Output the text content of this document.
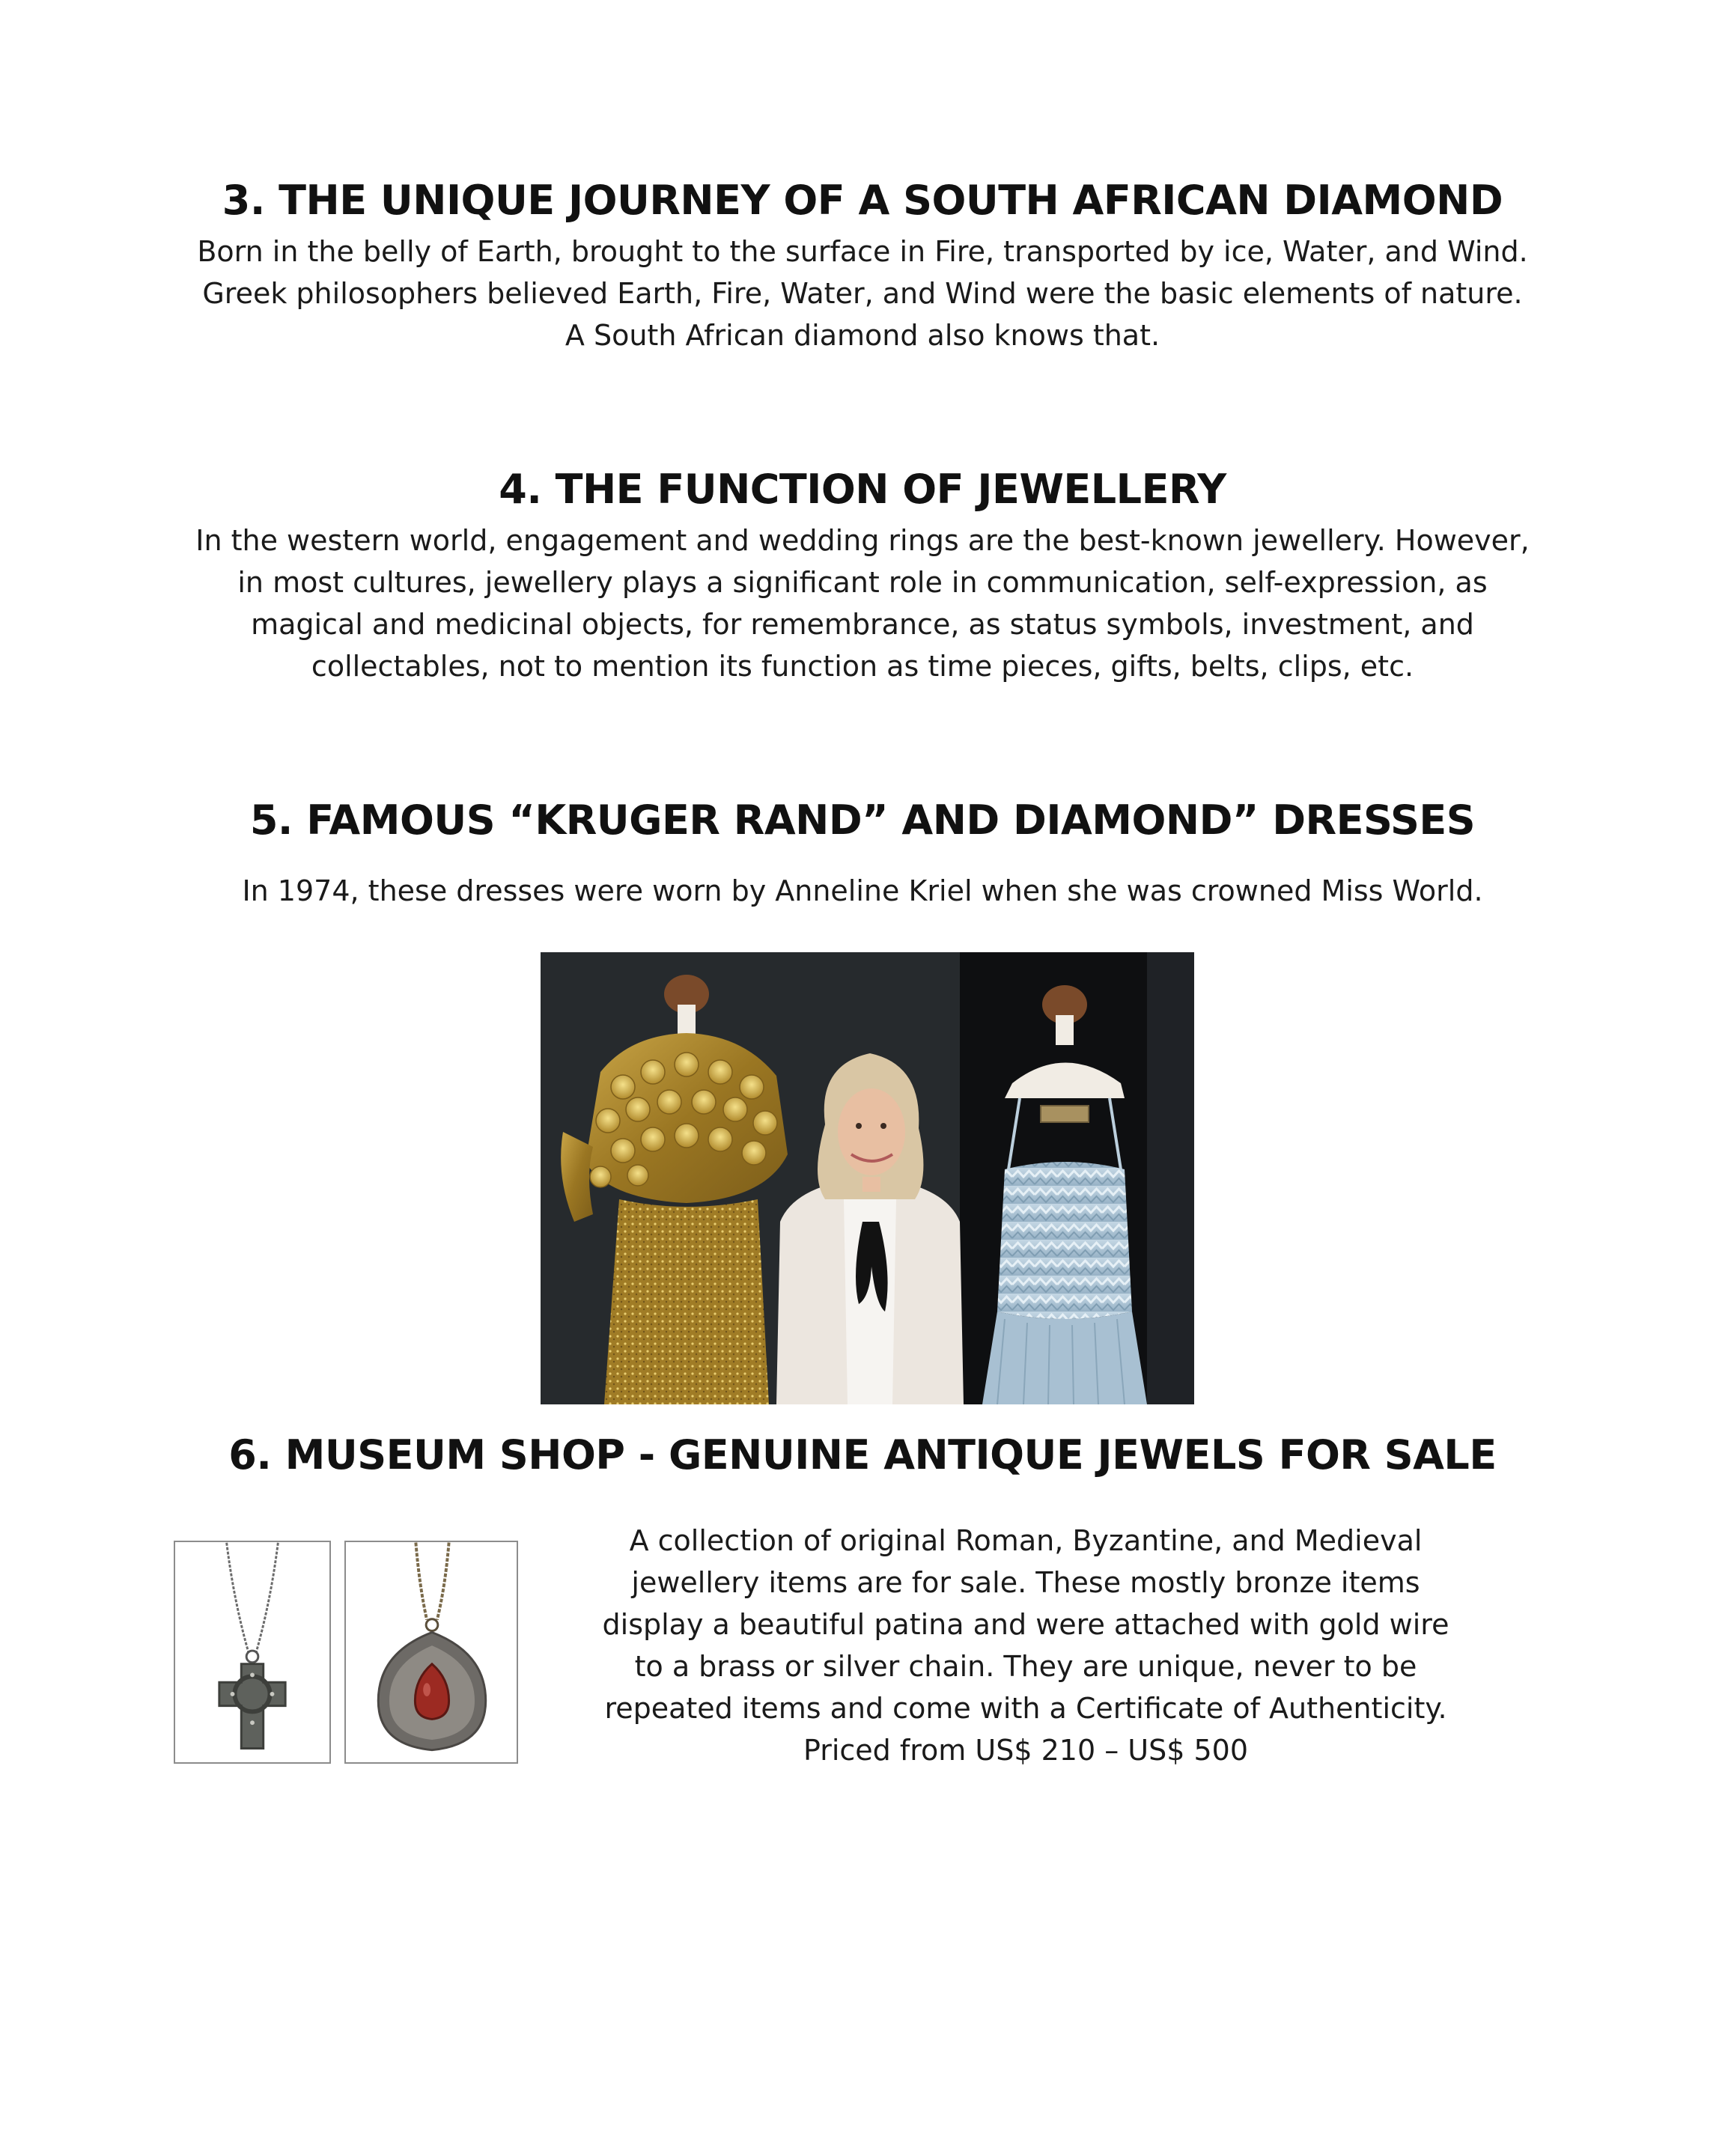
3. THE UNIQUE JOURNEY OF A SOUTH AFRICAN DIAMOND

Born in the belly of Earth, brought to the surface in Fire, transported by ice, Water, and Wind.
Greek philosophers believed Earth, Fire, Water, and Wind were the basic elements of nature.
A South African diamond also knows that.

4. THE FUNCTION OF JEWELLERY

In the western world, engagement and wedding rings are the best-known jewellery. However,
in most cultures, jewellery plays a significant role in communication, self-expression, as
magical and medicinal objects, for remembrance, as status symbols, investment, and
collectables, not to mention its function as time pieces, gifts, belts, clips, etc.

5. FAMOUS “KRUGER RAND” AND DIAMOND” DRESSES

In 1974, these dresses were worn by Anneline Kriel when she was crowned Miss World.

6. MUSEUM SHOP - GENUINE ANTIQUE JEWELS FOR SALE

A collection of original Roman, Byzantine, and Medieval
jewellery items are for sale. These mostly bronze items
display a beautiful patina and were attached with gold wire
to a brass or silver chain. They are unique, never to be
repeated items and come with a Certificate of Authenticity.
Priced from US$ 210 – US$ 500
